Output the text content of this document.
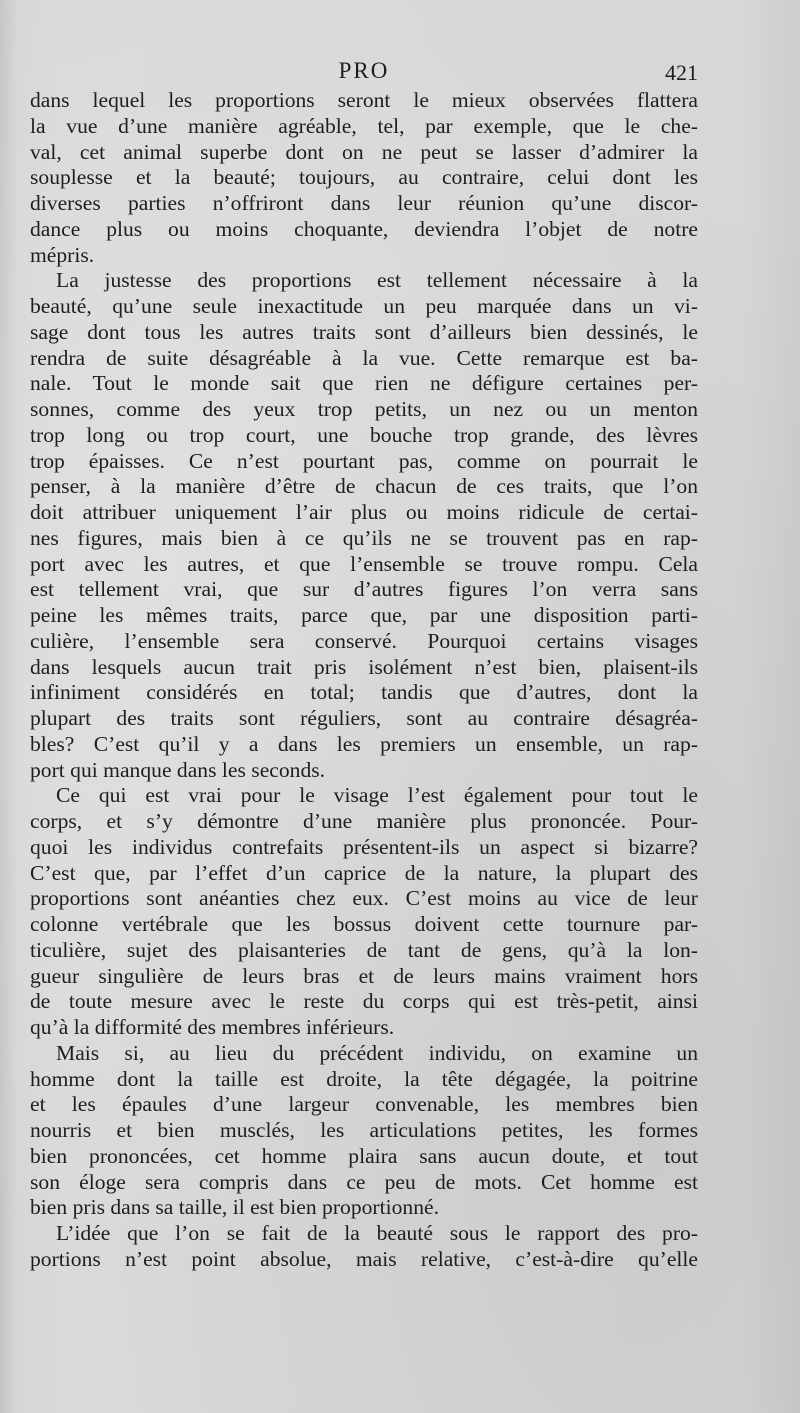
PRO	421

dans lequel les proportions seront le mieux observées flattera
la vue d’une manière agréable, tel, par exemple, que le che-
val, cet animal superbe dont on ne peut se lasser d’admirer la
souplesse et la beauté; toujours, au contraire, celui dont les
diverses parties n’offriront dans leur réunion qu’une discor-
dance plus ou moins choquante, deviendra l’objet de notre
mépris.

La justesse des proportions est tellement nécessaire à la
beauté, qu’une seule inexactitude un peu marquée dans un vi-
sage dont tous les autres traits sont d’ailleurs bien dessinés, le
rendra de suite désagréable à la vue. Cette remarque est ba-
nale. Tout le monde sait que rien ne défigure certaines per-
sonnes, comme des yeux trop petits, un nez ou un menton
trop long ou trop court, une bouche trop grande, des lèvres
trop épaisses. Ce n’est pourtant pas, comme on pourrait le
penser, à la manière d’être de chacun de ces traits, que l’on
doit attribuer uniquement l’air plus ou moins ridicule de certai-
nes figures, mais bien à ce qu’ils ne se trouvent pas en rap-
port avec les autres, et que l’ensemble se trouve rompu. Cela
est tellement vrai, que sur d’autres figures l’on verra sans
peine les mêmes traits, parce que, par une disposition parti-
culière, l’ensemble sera conservé. Pourquoi certains visages
dans lesquels aucun trait pris isolément n’est bien, plaisent-ils
infiniment considérés en total; tandis que d’autres, dont la
plupart des traits sont réguliers, sont au contraire désagréa-
bles? C’est qu’il y a dans les premiers un ensemble, un rap-
port qui manque dans les seconds.

Ce qui est vrai pour le visage l’est également pour tout le
corps, et s’y démontre d’une manière plus prononcée. Pour-
quoi les individus contrefaits présentent-ils un aspect si bizarre?
C’est que, par l’effet d’un caprice de la nature, la plupart des
proportions sont anéanties chez eux. C’est moins au vice de leur
colonne vertébrale que les bossus doivent cette tournure par-
ticulière, sujet des plaisanteries de tant de gens, qu’à la lon-
gueur singulière de leurs bras et de leurs mains vraiment hors
de toute mesure avec le reste du corps qui est très-petit, ainsi
qu’à la difformité des membres inférieurs.

Mais si, au lieu du précédent individu, on examine un
homme dont la taille est droite, la tête dégagée, la poitrine
et les épaules d’une largeur convenable, les membres bien
nourris et bien musclés, les articulations petites, les formes
bien prononcées, cet homme plaira sans aucun doute, et tout
son éloge sera compris dans ce peu de mots. Cet homme est
bien pris dans sa taille, il est bien proportionné.

L’idée que l’on se fait de la beauté sous le rapport des pro-
portions n’est point absolue, mais relative, c’est-à-dire qu’elle
